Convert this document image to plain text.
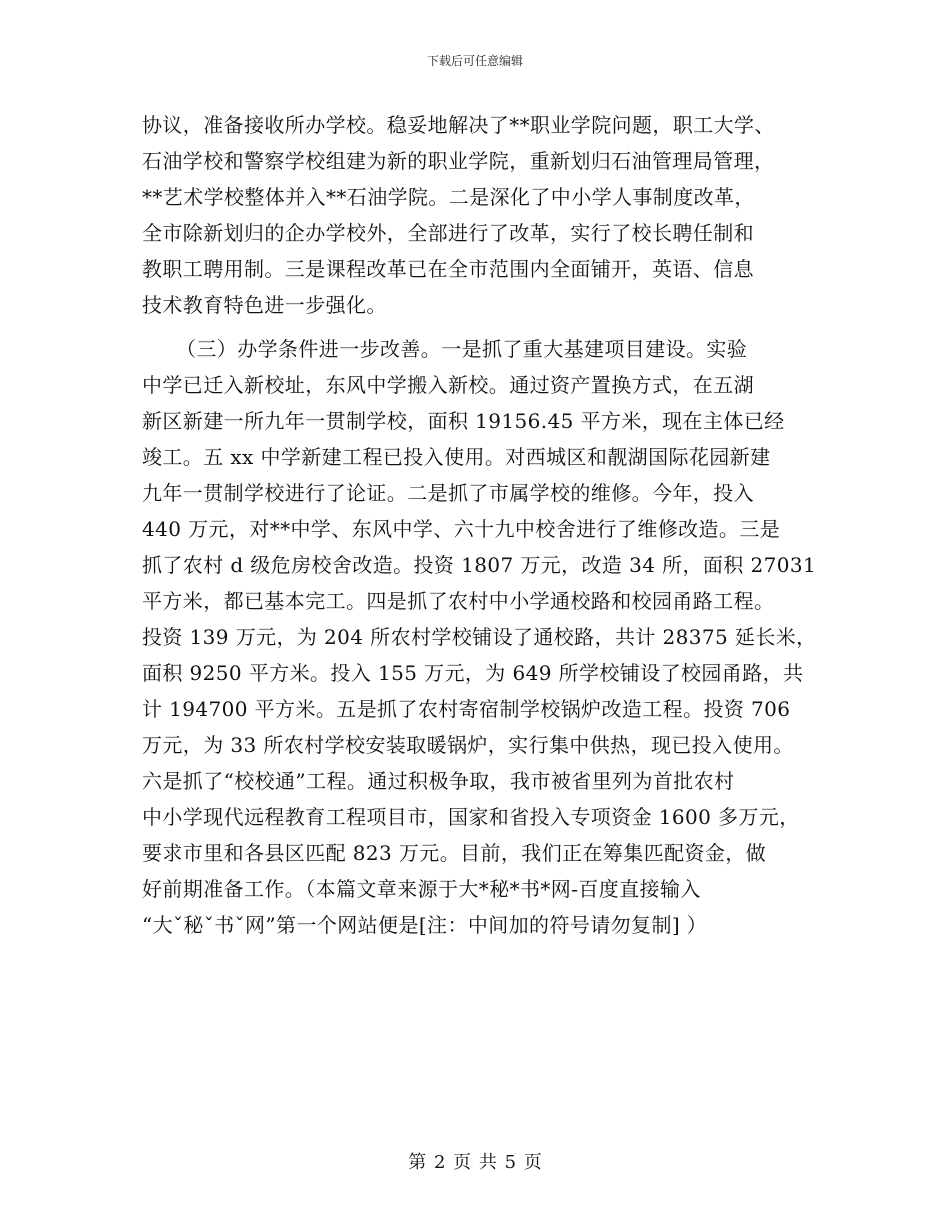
下载后可任意编辑
协议，准备接收所办学校。稳妥地解决了**职业学院问题，职工大学、
石油学校和警察学校组建为新的职业学院，重新划归石油管理局管理，
**艺术学校整体并入**石油学院。二是深化了中小学人事制度改革，
全市除新划归的企办学校外，全部进行了改革，实行了校长聘任制和
教职工聘用制。三是课程改革已在全市范围内全面铺开，英语、信息
技术教育特色进一步强化。
（三）办学条件进一步改善。一是抓了重大基建项目建设。实验
中学已迁入新校址，东风中学搬入新校。通过资产置换方式，在五湖
新区新建一所九年一贯制学校，面积 19156.45 平方米，现在主体已经
竣工。五 xx 中学新建工程已投入使用。对西城区和靓湖国际花园新建
九年一贯制学校进行了论证。二是抓了市属学校的维修。今年，投入
440 万元，对**中学、东风中学、六十九中校舍进行了维修改造。三是
抓了农村 d 级危房校舍改造。投资 1807 万元，改造 34 所，面积 27031
平方米，都已基本完工。四是抓了农村中小学通校路和校园甬路工程。
投资 139 万元，为 204 所农村学校铺设了通校路，共计 28375 延长米，
面积 9250 平方米。投入 155 万元，为 649 所学校铺设了校园甬路，共
计 194700 平方米。五是抓了农村寄宿制学校锅炉改造工程。投资 706
万元，为 33 所农村学校安装取暖锅炉，实行集中供热，现已投入使用。
六是抓了“校校通”工程。通过积极争取，我市被省里列为首批农村
中小学现代远程教育工程项目市，国家和省投入专项资金 1600 多万元，
要求市里和各县区匹配 823 万元。目前，我们正在筹集匹配资金，做
好前期准备工作。（本篇文章来源于大*秘*书*网-百度直接输入
“大ˇ秘ˇ书ˇ网”第一个网站便是[注：中间加的符号请勿复制] ）
第 2 页 共 5 页
